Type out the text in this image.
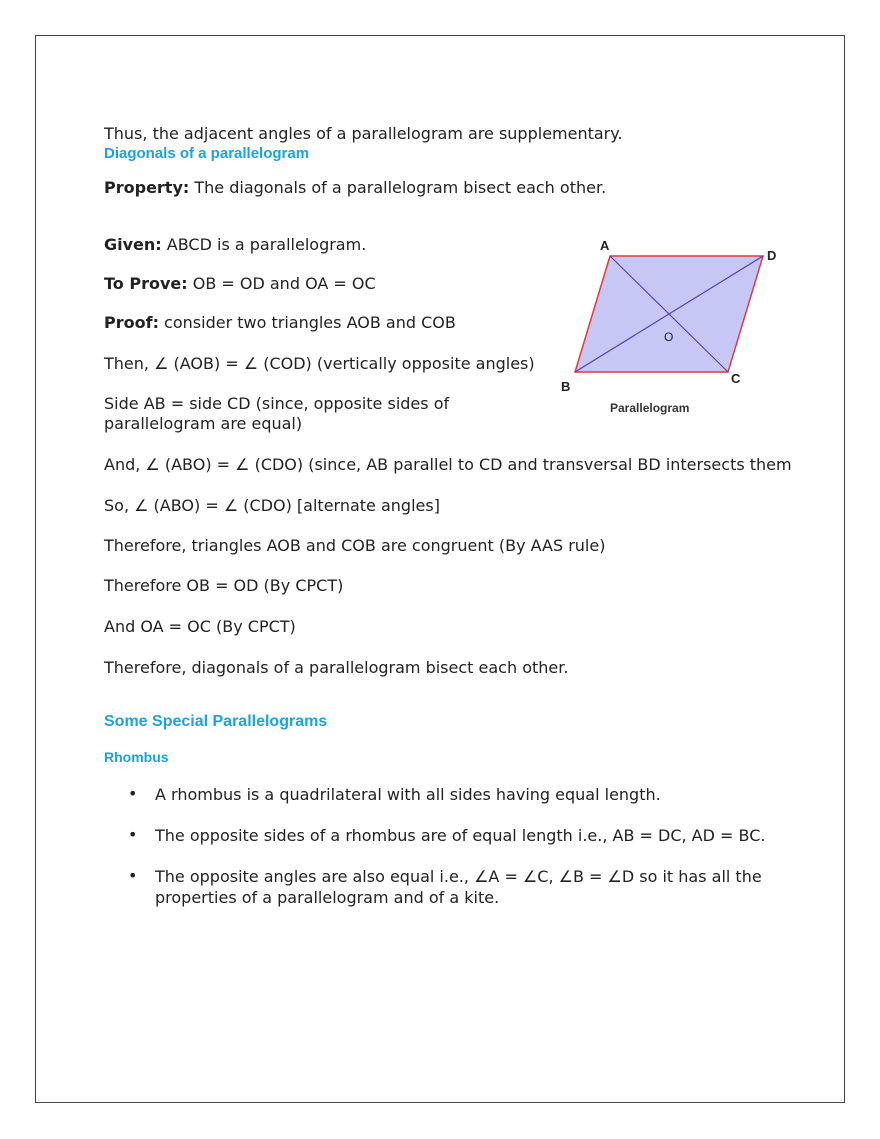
Thus, the adjacent angles of a parallelogram are supplementary.
Diagonals of a parallelogram
Property: The diagonals of a parallelogram bisect each other.
Given: ABCD is a parallelogram.
To Prove: OB = OD and OA = OC
Proof: consider two triangles AOB and COB
Then, ∠ (AOB) = ∠ (COD) (vertically opposite angles)
Side AB = side CD (since, opposite sides of
parallelogram are equal)
And, ∠ (ABO) = ∠ (CDO) (since, AB parallel to CD and transversal BD intersects them
So, ∠ (ABO) = ∠ (CDO) [alternate angles]
Therefore, triangles AOB and COB are congruent (By AAS rule)
Therefore OB = OD (By CPCT)
And OA = OC (By CPCT)
Therefore, diagonals of a parallelogram bisect each other.
A
D
B
C
O
Parallelogram
Some Special Parallelograms
Rhombus
• A rhombus is a quadrilateral with all sides having equal length.
• The opposite sides of a rhombus are of equal length i.e., AB = DC, AD = BC.
• The opposite angles are also equal i.e., ∠A = ∠C, ∠B = ∠D so it has all the
properties of a parallelogram and of a kite.
